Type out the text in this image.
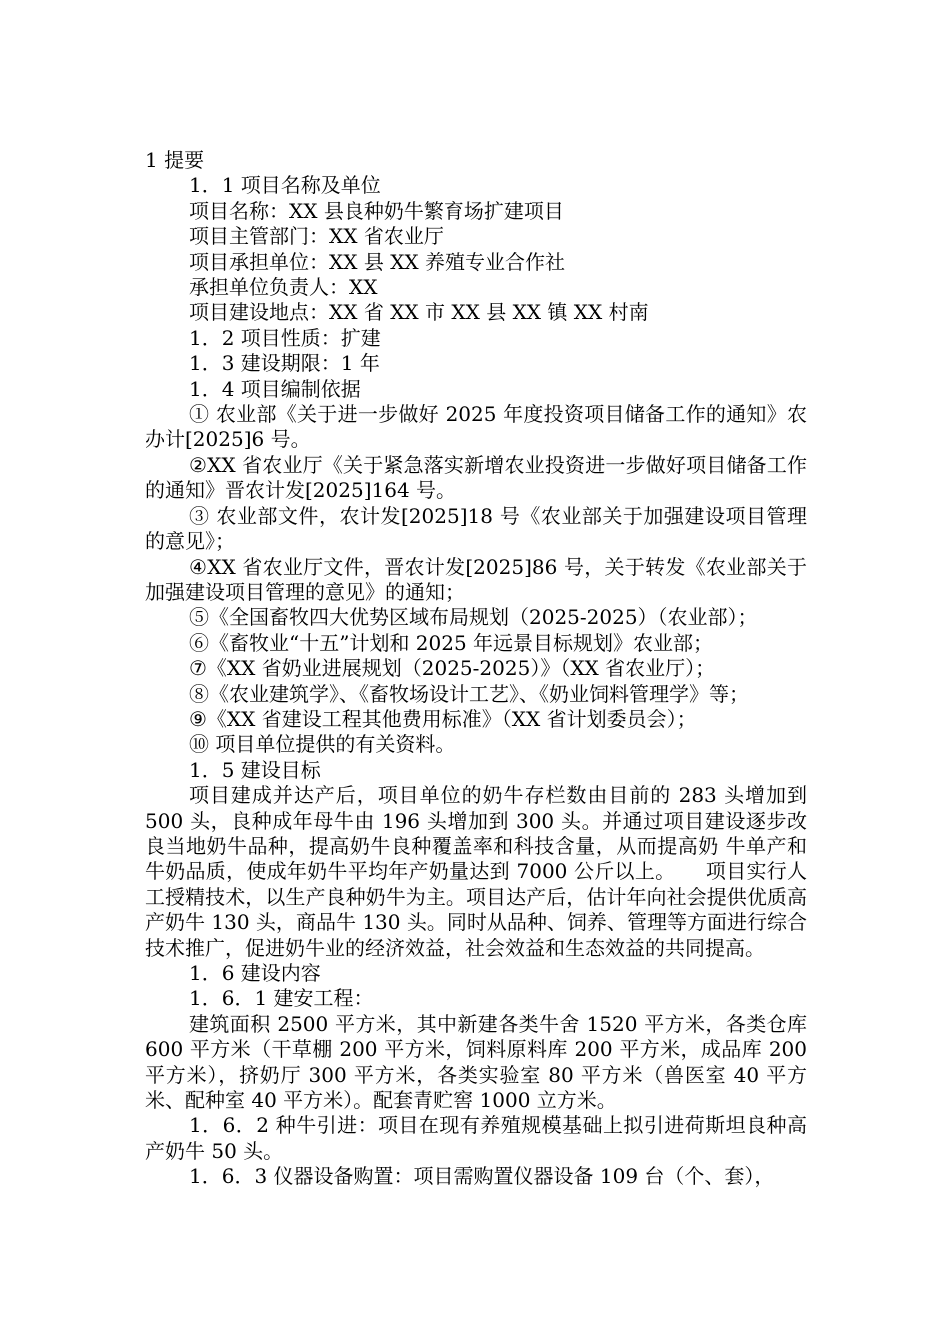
1 提要

1．1 项目名称及单位

项目名称：XX 县良种奶牛繁育场扩建项目

项目主管部门：XX 省农业厅

项目承担单位：XX 县 XX 养殖专业合作社

承担单位负责人：XX

项目建设地点：XX 省 XX 市 XX 县 XX 镇 XX 村南

1．2 项目性质：扩建

1．3 建设期限：1 年

1．4 项目编制依据

① 农业部《关于进一步做好 2025 年度投资项目储备工作的通知》农办计[2025]6 号。

②XX 省农业厅《关于紧急落实新增农业投资进一步做好项目储备工作的通知》晋农计发[2025]164 号。

③ 农业部文件，农计发[2025]18 号《农业部关于加强建设项目管理的意见》；

④XX 省农业厅文件，晋农计发[2025]86 号，关于转发《农业部关于加强建设项目管理的意见》的通知；

⑤《全国畜牧四大优势区域布局规划（2025-2025）（农业部）；

⑥《畜牧业“十五”计划和 2025 年远景目标规划》农业部；

⑦《XX 省奶业进展规划（2025-2025）》（XX 省农业厅）；

⑧《农业建筑学》、《畜牧场设计工艺》、《奶业饲料管理学》等；

⑨《XX 省建设工程其他费用标准》（XX 省计划委员会）；

⑩ 项目单位提供的有关资料。

1．5 建设目标

项目建成并达产后，项目单位的奶牛存栏数由目前的 283 头增加到 500 头，良种成年母牛由 196 头增加到 300 头。并通过项目建设逐步改良当地奶牛品种，提高奶牛良种覆盖率和科技含量，从而提高奶 牛单产和牛奶品质，使成年奶牛平均年产奶量达到 7000 公斤以上。　　项目实行人工授精技术，以生产良种奶牛为主。项目达产后，估计年向社会提供优质高产奶牛 130 头，商品牛 130 头。同时从品种、饲养、管理等方面进行综合技术推广，促进奶牛业的经济效益，社会效益和生态效益的共同提高。

1．6 建设内容

1．6．1 建安工程：

建筑面积 2500 平方米，其中新建各类牛舍 1520 平方米，各类仓库 600 平方米（干草棚 200 平方米，饲料原料库 200 平方米，成品库 200 平方米），挤奶厅 300 平方米，各类实验室 80 平方米（兽医室 40 平方米、配种室 40 平方米）。配套青贮窖 1000 立方米。

1．6．2 种牛引进：项目在现有养殖规模基础上拟引进荷斯坦良种高产奶牛 50 头。

1．6．3 仪器设备购置：项目需购置仪器设备 109 台（个、套），
